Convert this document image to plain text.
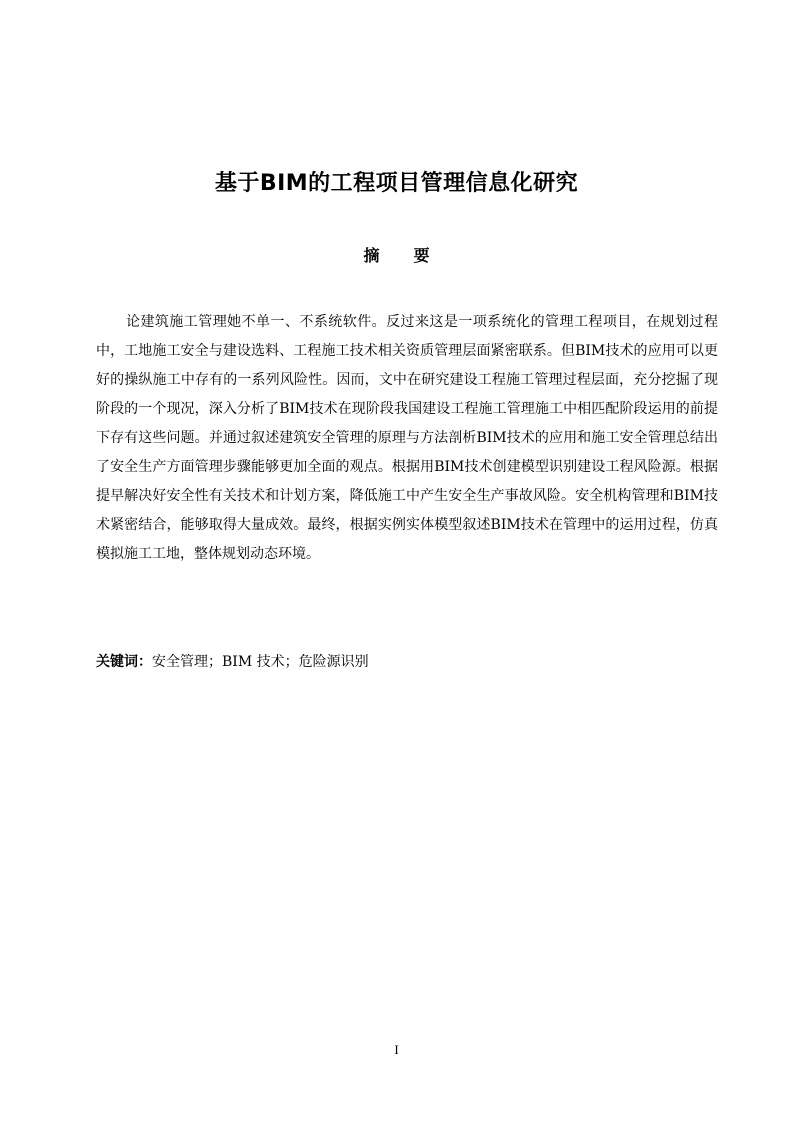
基于BIM的工程项目管理信息化研究
摘要

论建筑施工管理她不单一、不系统软件。反过来这是一项系统化的管理工程项目，在规划过程中，工地施工安全与建设选料、工程施工技术相关资质管理层面紧密联系。但BIM技术的应用可以更好的操纵施工中存有的一系列风险性。因而，文中在研究建设工程施工管理过程层面，充分挖掘了现阶段的一个现况，深入分析了BIM技术在现阶段我国建设工程施工管理施工中相匹配阶段运用的前提下存有这些问题。并通过叙述建筑安全管理的原理与方法剖析BIM技术的应用和施工安全管理总结出了安全生产方面管理步骤能够更加全面的观点。根据用BIM技术创建模型识别建设工程风险源。根据提早解决好安全性有关技术和计划方案，降低施工中产生安全生产事故风险。安全机构管理和BIM技术紧密结合，能够取得大量成效。最终，根据实例实体模型叙述BIM技术在管理中的运用过程，仿真模拟施工工地，整体规划动态环境。

关键词：安全管理；BIM 技术；危险源识别
I
